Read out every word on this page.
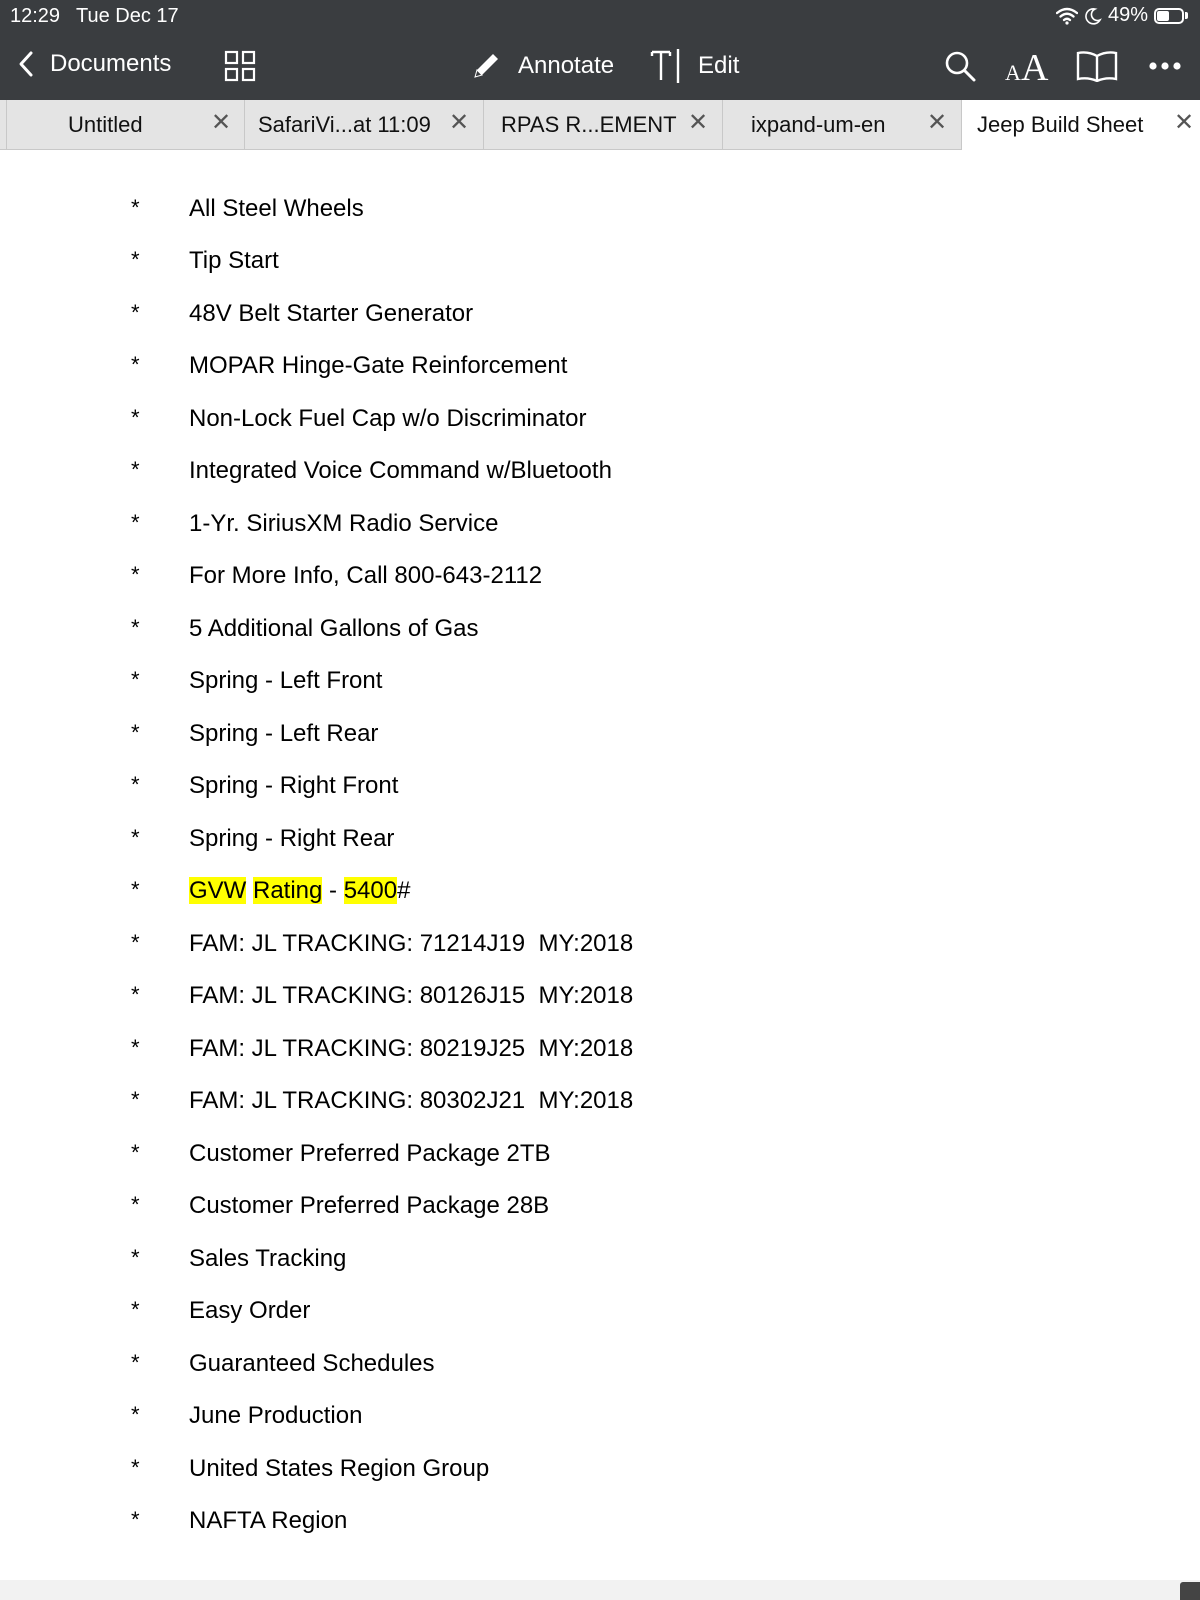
12:29 Tue Dec 17	49%
Documents	Annotate	Edit	A A
Untitled	✕ SafariVi...at 11:09 ✕ RPAS R...EMENT ✕ ixpand-um-en ✕ Jeep Build Sheet ✕
* All Steel Wheels
* Tip Start
* 48V Belt Starter Generator
* MOPAR Hinge-Gate Reinforcement
* Non-Lock Fuel Cap w/o Discriminator
* Integrated Voice Command w/Bluetooth
* 1-Yr. SiriusXM Radio Service
* For More Info, Call 800-643-2112
* 5 Additional Gallons of Gas
* Spring - Left Front
* Spring - Left Rear
* Spring - Right Front
* Spring - Right Rear
* GVW Rating - 5400#
* FAM: JL TRACKING: 71214J19  MY:2018
* FAM: JL TRACKING: 80126J15  MY:2018
* FAM: JL TRACKING: 80219J25  MY:2018
* FAM: JL TRACKING: 80302J21  MY:2018
* Customer Preferred Package 2TB
* Customer Preferred Package 28B
* Sales Tracking
* Easy Order
* Guaranteed Schedules
* June Production
* United States Region Group
* NAFTA Region
